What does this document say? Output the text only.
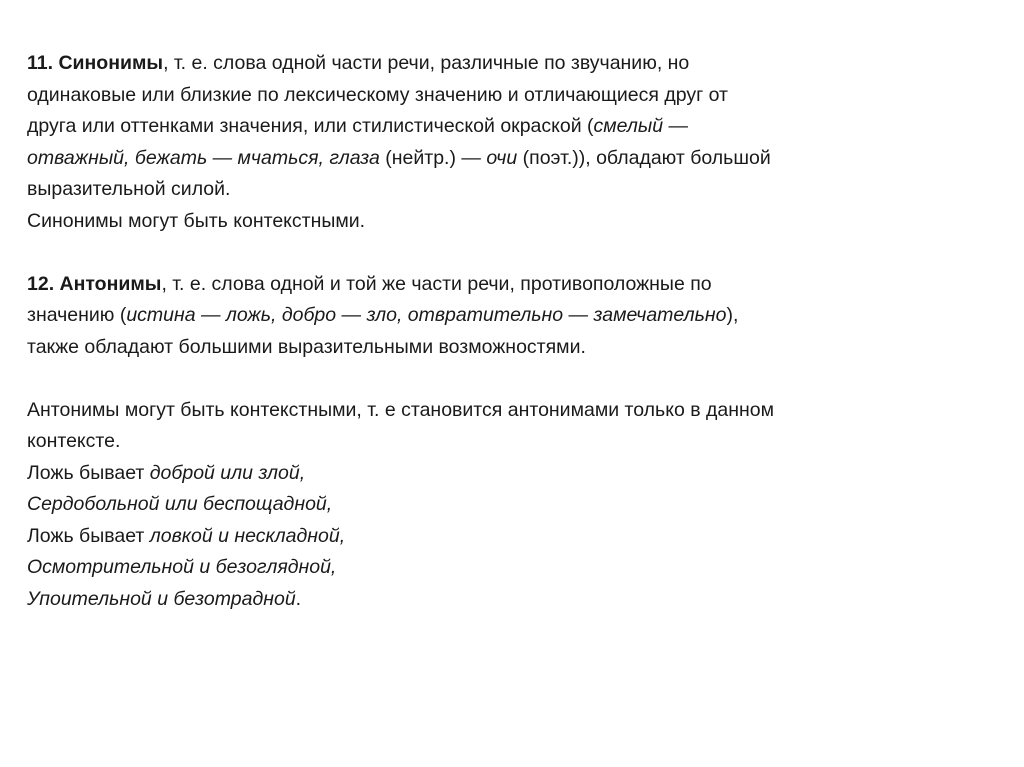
11. Синонимы, т. е. слова одной части речи, различные по звучанию, но
одинаковые или близкие по лексическому значению и отличающиеся друг от
друга или оттенками значения, или стилистической окраской (смелый —
отважный, бежать — мчаться, глаза (нейтр.) — очи (поэт.)), обладают большой
выразительной силой.
Синонимы могут быть контекстными.
12. Антонимы, т. е. слова одной и той же части речи, противоположные по
значению (истина — ложь, добро — зло, отвратительно — замечательно),
также обладают большими выразительными возможностями.
Антонимы могут быть контекстными, т. е становится антонимами только в данном
контексте.
Ложь бывает доброй или злой,
Сердобольной или беспощадной,
Ложь бывает ловкой и нескладной,
Осмотрительной и безоглядной,
Упоительной и безотрадной.
